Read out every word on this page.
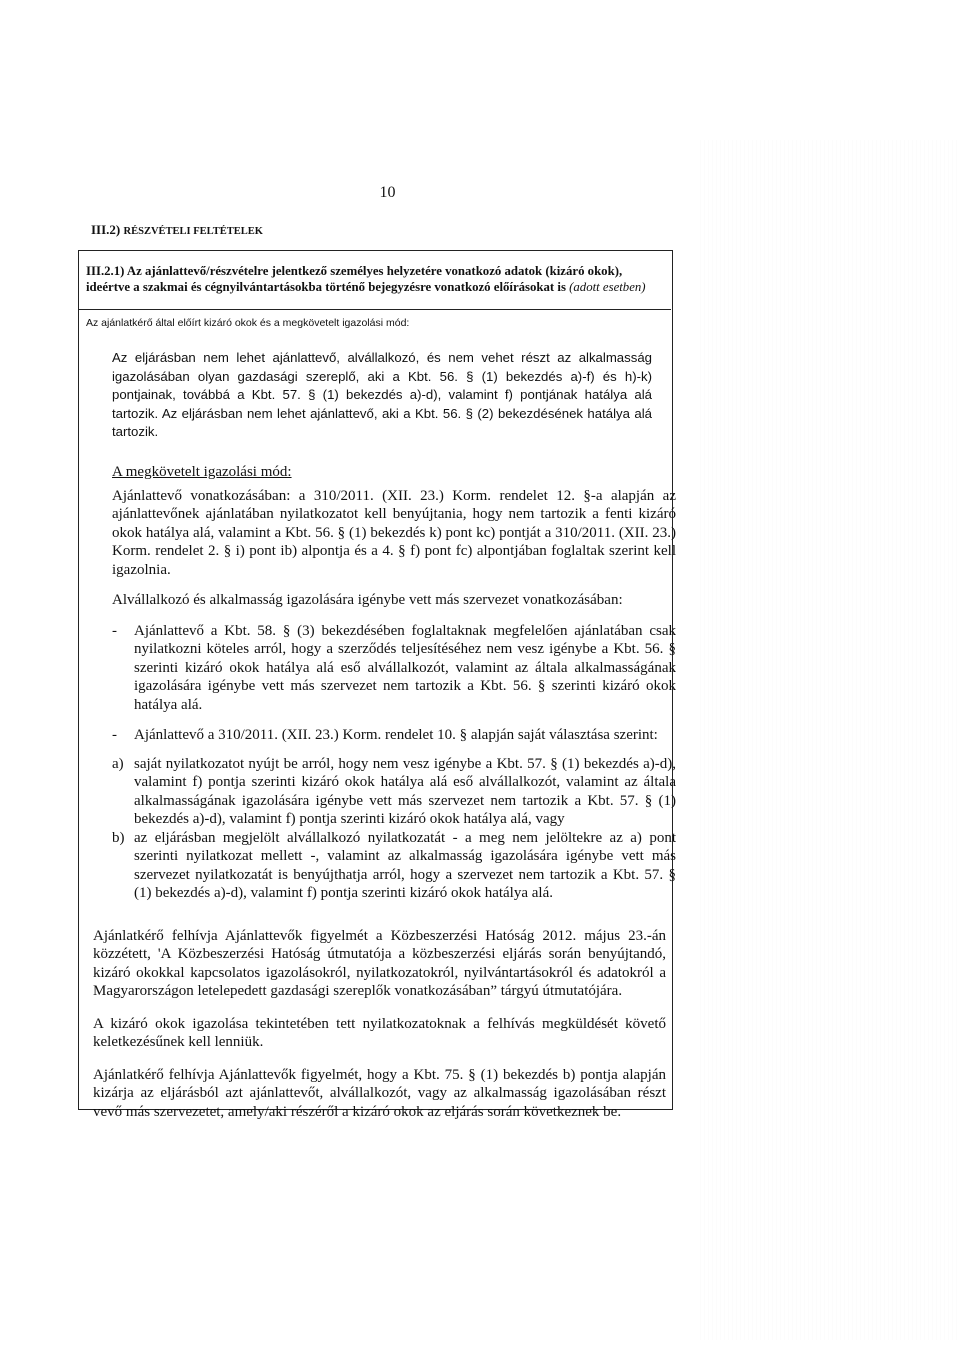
10
III.2) RÉSZVÉTELI FELTÉTELEK
III.2.1) Az ajánlattevő/részvételre jelentkező személyes helyzetére vonatkozó adatok (kizáró okok), ideértve a szakmai és cégnyilvántartásokba történő bejegyzésre vonatkozó előírásokat is (adott esetben)

Az ajánlatkérő által előírt kizáró okok és a megkövetelt igazolási mód:

Az eljárásban nem lehet ajánlattevő, alvállalkozó, és nem vehet részt az alkalmasság igazolásában olyan gazdasági szereplő, aki a Kbt. 56. § (1) bekezdés a)-f) és h)-k) pontjainak, továbbá a Kbt. 57. § (1) bekezdés a)-d), valamint f) pontjának hatálya alá tartozik. Az eljárásban nem lehet ajánlattevő, aki a Kbt. 56. § (2) bekezdésének hatálya alá tartozik.

A megkövetelt igazolási mód:

Ajánlattevő vonatkozásában: a 310/2011. (XII. 23.) Korm. rendelet 12. §-a alapján az ajánlattevőnek ajánlatában nyilatkozatot kell benyújtania, hogy nem tartozik a fenti kizáró okok hatálya alá, valamint a Kbt. 56. § (1) bekezdés k) pont kc) pontját a 310/2011. (XII. 23.) Korm. rendelet 2. § i) pont ib) alpontja és a 4. § f) pont fc) alpontjában foglaltak szerint kell igazolnia.

Alvállalkozó és alkalmasság igazolására igénybe vett más szervezet vonatkozásában:

-	Ajánlattevő a Kbt. 58. § (3) bekezdésében foglaltaknak megfelelően ajánlatában csak nyilatkozni köteles arról, hogy a szerződés teljesítéséhez nem vesz igénybe a Kbt. 56. § szerinti kizáró okok hatálya alá eső alvállalkozót, valamint az általa alkalmasságának igazolására igénybe vett más szervezet nem tartozik a Kbt. 56. § szerinti kizáró okok hatálya alá.
-	Ajánlattevő a 310/2011. (XII. 23.) Korm. rendelet 10. § alapján saját választása szerint:
a) saját nyilatkozatot nyújt be arról, hogy nem vesz igénybe a Kbt. 57. § (1) bekezdés a)-d), valamint f) pontja szerinti kizáró okok hatálya alá eső alvállalkozót, valamint az általa alkalmasságának igazolására igénybe vett más szervezet nem tartozik a Kbt. 57. § (1) bekezdés a)-d), valamint f) pontja szerinti kizáró okok hatálya alá, vagy
b) az eljárásban megjelölt alvállalkozó nyilatkozatát - a meg nem jelöltekre az a) pont szerinti nyilatkozat mellett -, valamint az alkalmasság igazolására igénybe vett más szervezet nyilatkozatát is benyújthatja arról, hogy a szervezet nem tartozik a Kbt. 57. § (1) bekezdés a)-d), valamint f) pontja szerinti kizáró okok hatálya alá.

Ajánlatkérő felhívja Ajánlattevők figyelmét a Közbeszerzési Hatóság 2012. május 23.-án közzétett, 'A Közbeszerzési Hatóság útmutatója a közbeszerzési eljárás során benyújtandó, kizáró okokkal kapcsolatos igazolásokról, nyilatkozatokról, nyilvántartásokról és adatokról a Magyarországon letelepedett gazdasági szereplők vonatkozásában” tárgyú útmutatójára.

A kizáró okok igazolása tekintetében tett nyilatkozatoknak a felhívás megküldését követő keletkezésűnek kell lenniük.

Ajánlatkérő felhívja Ajánlattevők figyelmét, hogy a Kbt. 75. § (1) bekezdés b) pontja alapján kizárja az eljárásból azt ajánlattevőt, alvállalkozót, vagy az alkalmasság igazolásában részt vevő más szervezetet, amely/aki részéről a kizáró okok az eljárás során következnek be.
